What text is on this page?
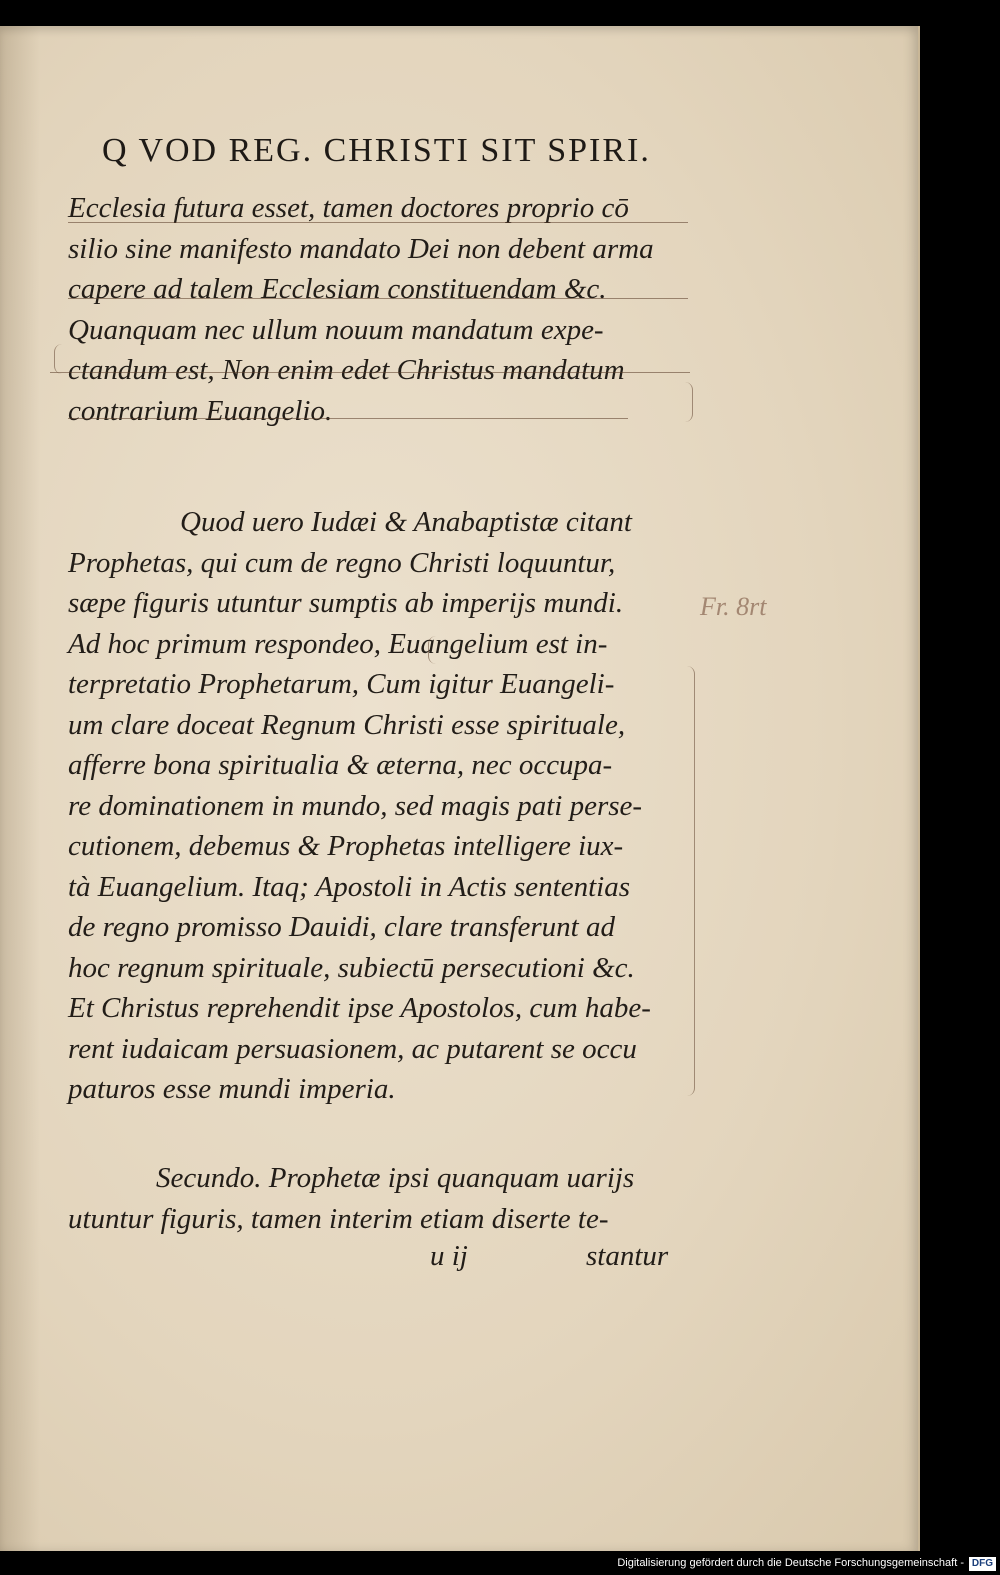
Q VOD REG. CHRISTI SIT SPIRI.
Ecclesia futura esset, tamen doctores proprio cō
silio sine manifesto mandato Dei non debent arma
capere ad talem Ecclesiam constituendam &c.
Quanquam nec ullum nouum mandatum expe-
ctandum est, Non enim edet Christus mandatum
contrarium Euangelio.
Quod uero Iudæi & Anabaptistæ citant
Prophetas, qui cum de regno Christi loquuntur,
sæpe figuris utuntur sumptis ab imperijs mundi.
Ad hoc primum respondeo, Euangelium est in-
terpretatio Prophetarum, Cum igitur Euangeli-
um clare doceat Regnum Christi esse spirituale,
afferre bona spiritualia & æterna, nec occupa-
re dominationem in mundo, sed magis pati perse-
cutionem, debemus & Prophetas intelligere iux-
tà Euangelium. Itaq; Apostoli in Actis sententias
de regno promisso Dauidi, clare transferunt ad
hoc regnum spirituale, subiectū persecutioni &c.
Et Christus reprehendit ipse Apostolos, cum habe-
rent iudaicam persuasionem, ac putarent se occu
paturos esse mundi imperia.
Secundo. Prophetæ ipsi quanquam uarijs
utuntur figuris, tamen interim etiam diserte te-
u ij	stantur
Fr. 8rt
Digitalisierung gefördert durch die Deutsche Forschungsgemeinschaft - DFG
